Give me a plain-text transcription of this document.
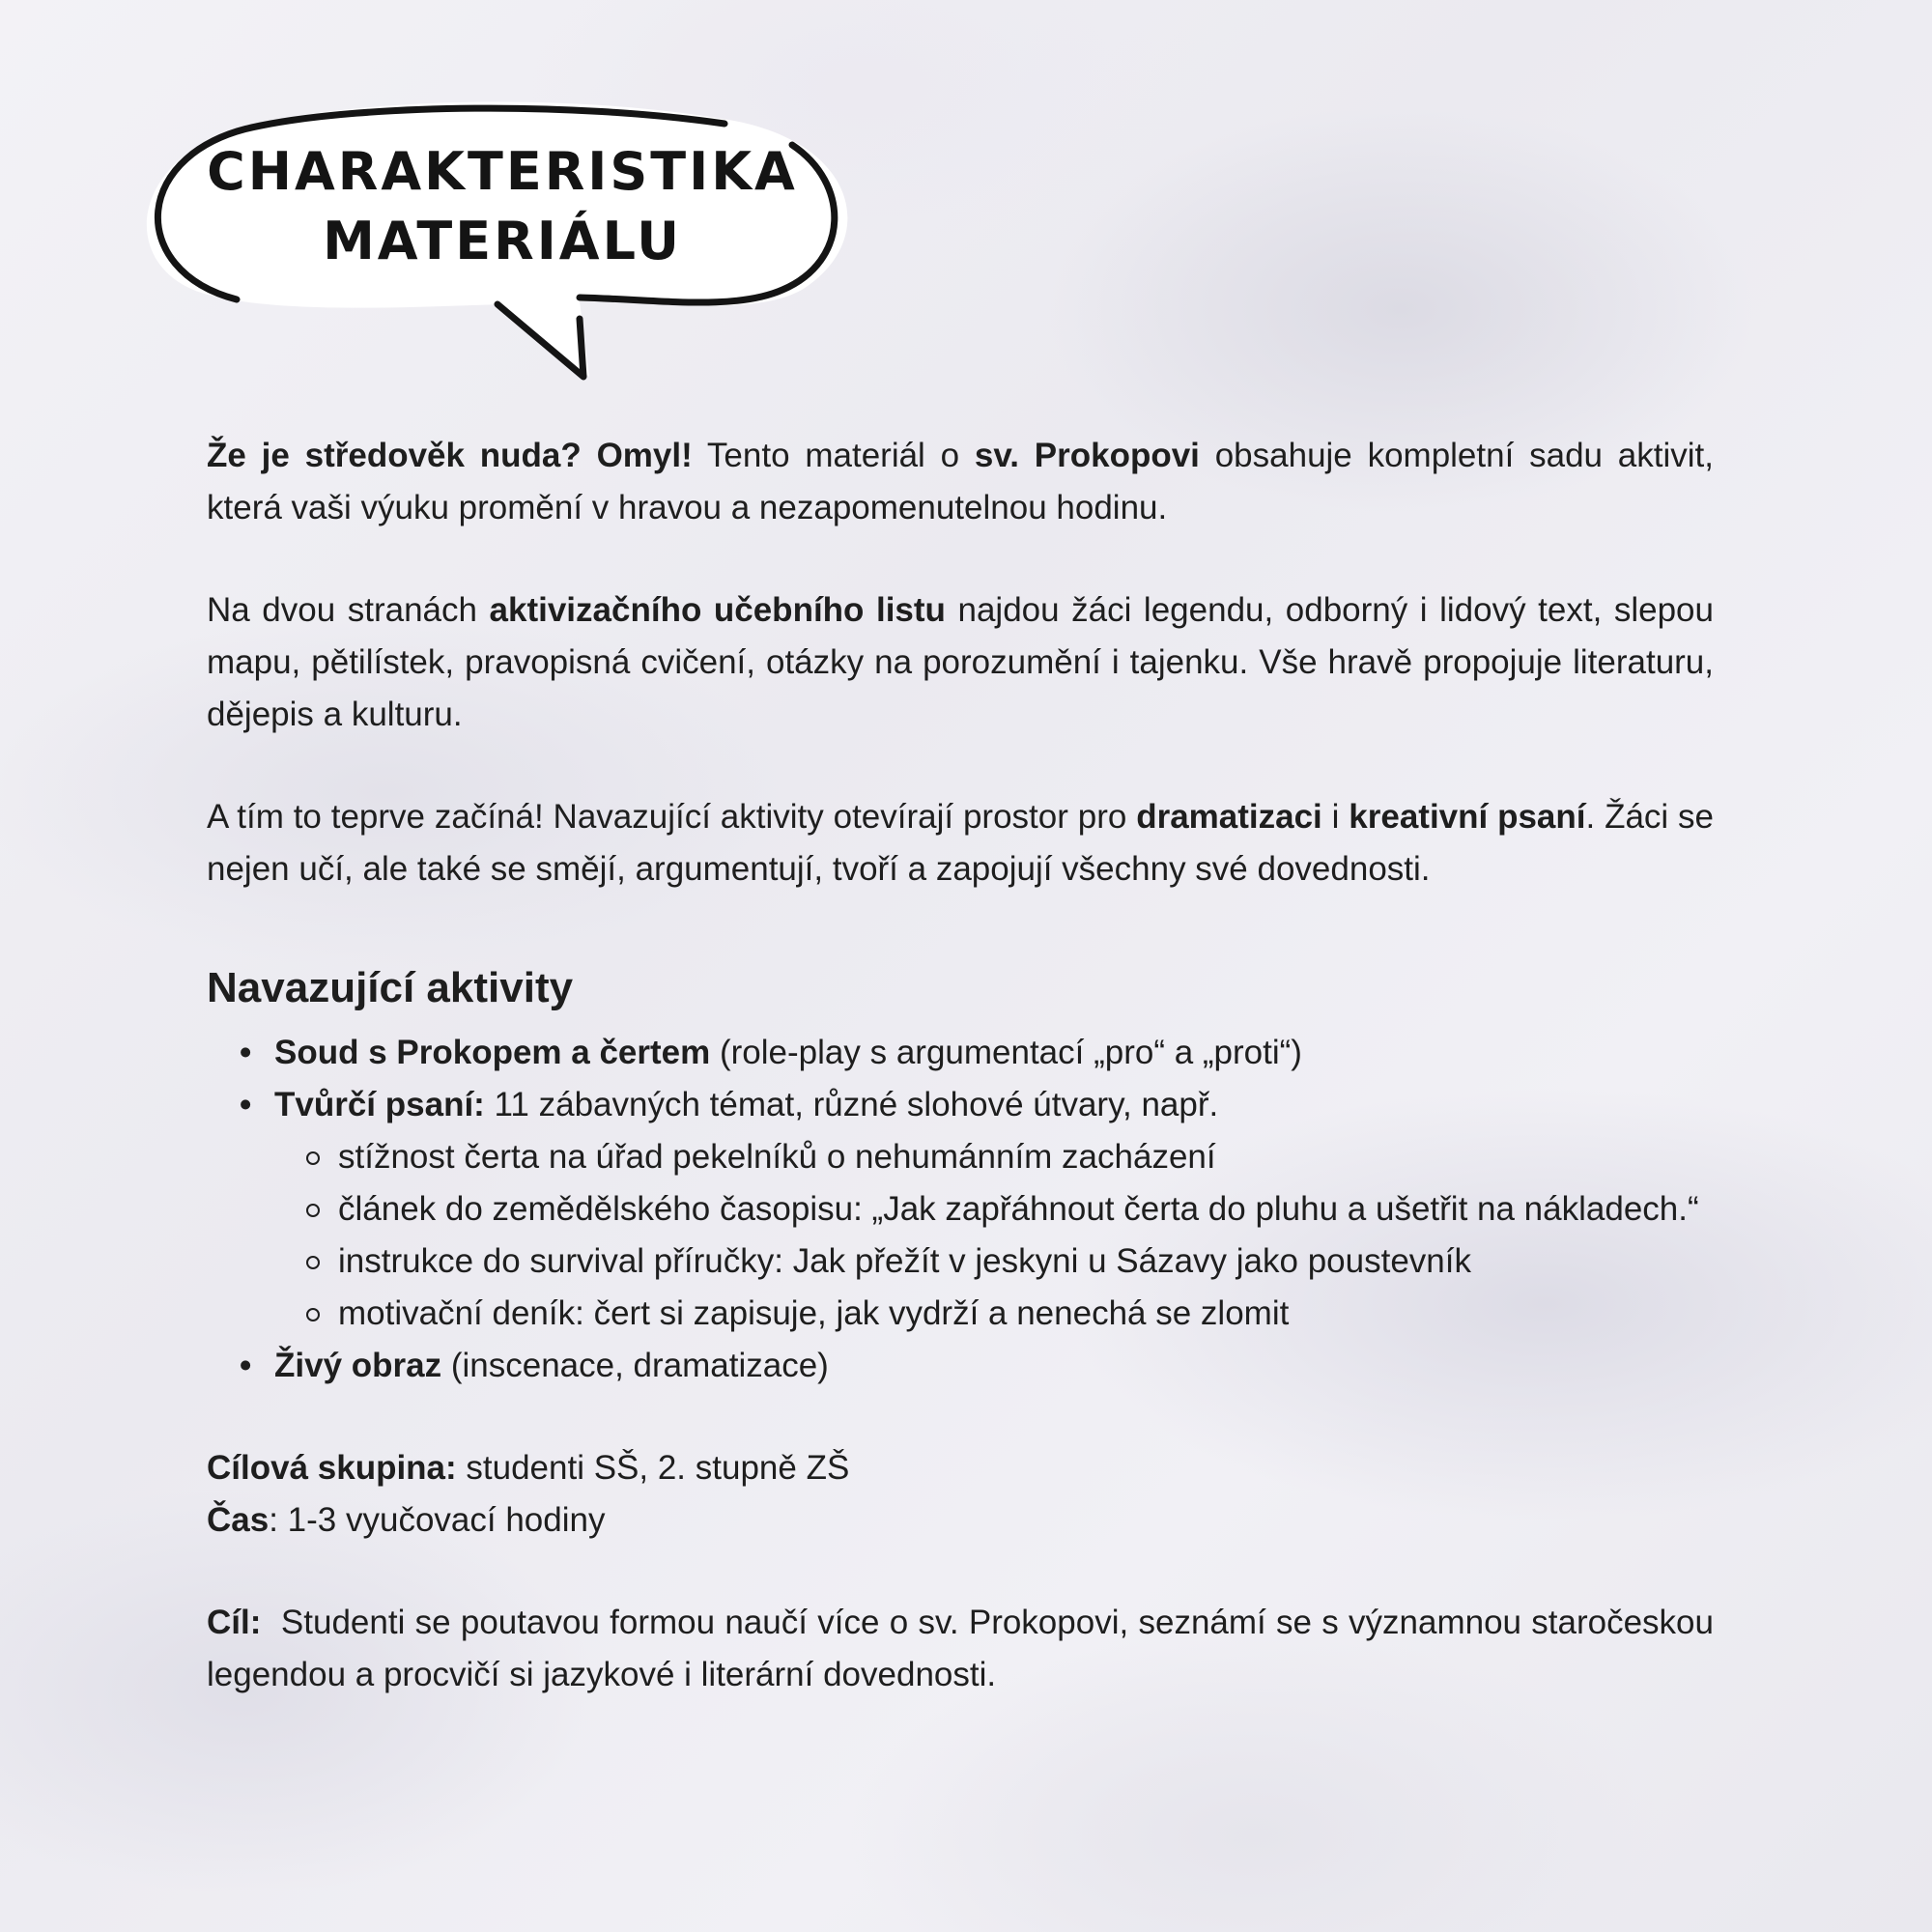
CHARAKTERISTIKA
MATERIÁLU

Že je středověk nuda? Omyl! Tento materiál o sv. Prokopovi obsahuje kompletní sadu aktivit, která vaši výuku promění v hravou a nezapomenutelnou hodinu.

Na dvou stranách aktivizačního učebního listu najdou žáci legendu, odborný i lidový text, slepou mapu, pětilístek, pravopisná cvičení, otázky na porozumění i tajenku. Vše hravě propojuje literaturu, dějepis a kulturu.

A tím to teprve začíná! Navazující aktivity otevírají prostor pro dramatizaci i kreativní psaní. Žáci se nejen učí, ale také se smějí, argumentují, tvoří a zapojují všechny své dovednosti.

Navazující aktivity
• Soud s Prokopem a čertem (role-play s argumentací „pro“ a „proti“)
• Tvůrčí psaní: 11 zábavných témat, různé slohové útvary, např.
stížnost čerta na úřad pekelníků o nehumánním zacházení
článek do zemědělského časopisu: „Jak zapřáhnout čerta do pluhu a ušetřit na nákladech.“
instrukce do survival příručky: Jak přežít v jeskyni u Sázavy jako poustevník
motivační deník: čert si zapisuje, jak vydrží a nenechá se zlomit
• Živý obraz (inscenace, dramatizace)
Cílová skupina: studenti SŠ, 2. stupně ZŠ
Čas: 1-3 vyučovací hodiny
Cíl:  Studenti se poutavou formou naučí více o sv. Prokopovi, seznámí se s významnou staročeskou legendou a procvičí si jazykové i literární dovednosti.
